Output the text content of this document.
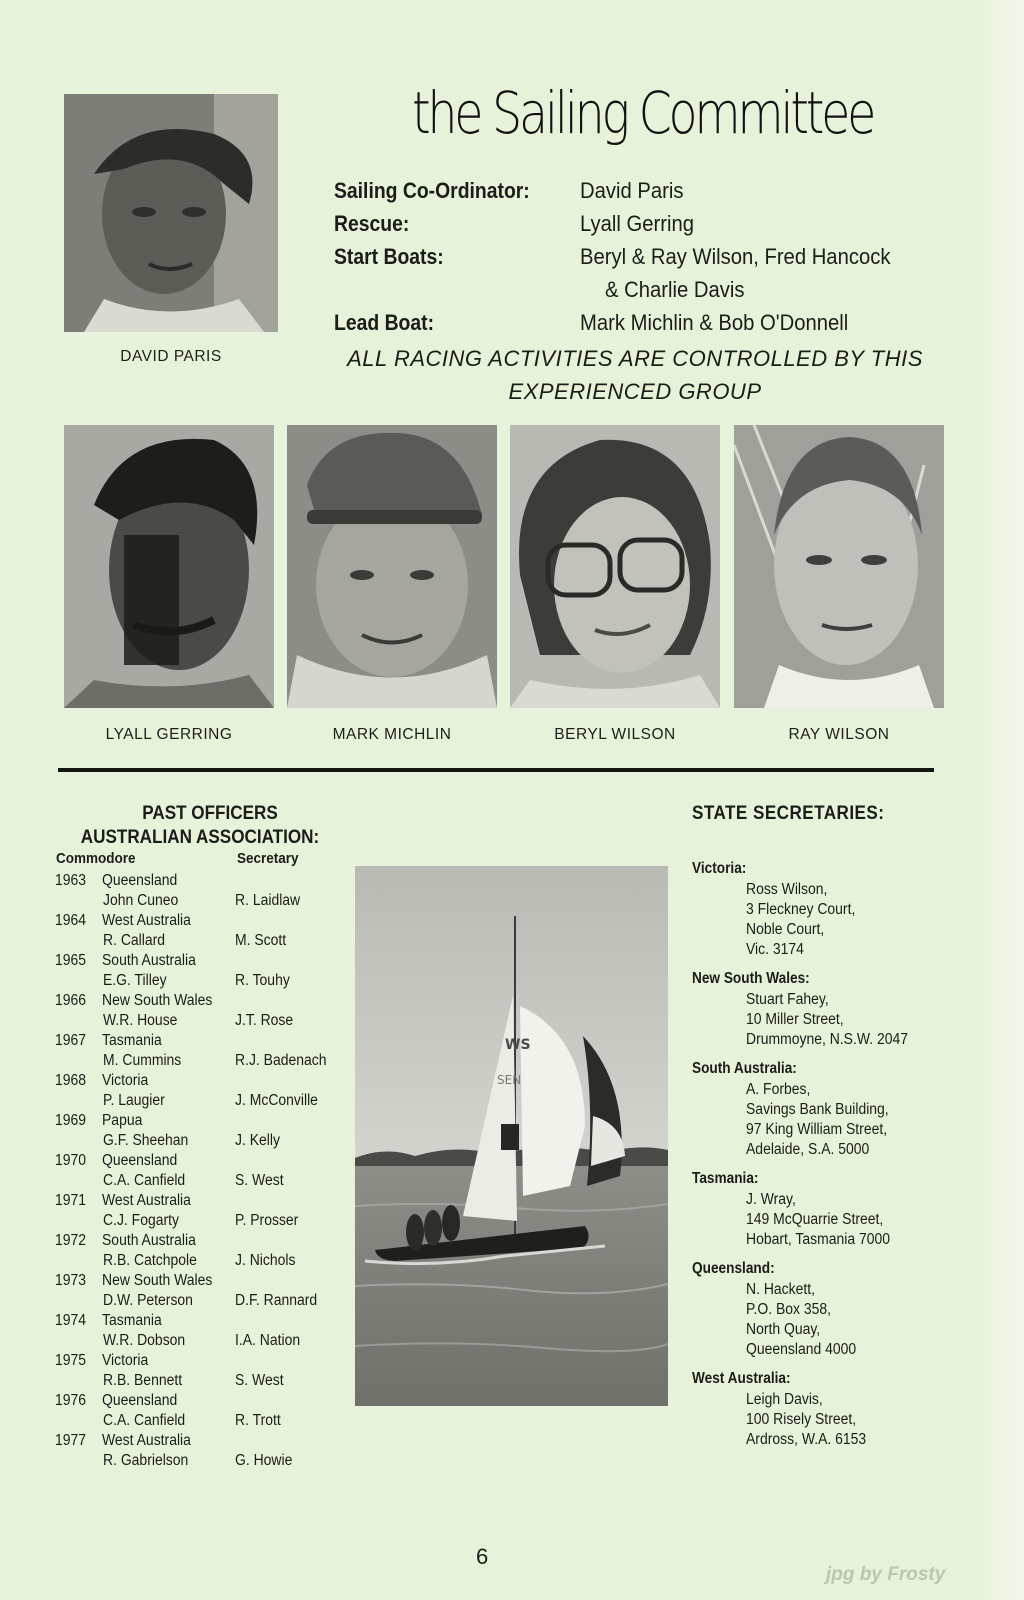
the Sailing Committee
DAVID PARIS
Sailing Co-Ordinator: David Paris
Rescue:	Lyall Gerring
Start Boats:	Beryl & Ray Wilson, Fred Hancock
& Charlie Davis
Lead Boat:	Mark Michlin & Bob O'Donnell
ALL RACING ACTIVITIES ARE CONTROLLED BY THIS
EXPERIENCED GROUP
LYALL GERRING	MARK MICHLIN	BERYL WILSON	RAY WILSON
PAST OFFICERS
AUSTRALIAN ASSOCIATION:
Commodore	Secretary
1963 Queensland
John Cuneo	R. Laidlaw
1964 West Australia
R. Callard	M. Scott
1965 South Australia
E.G. Tilley	R. Touhy
1966 New South Wales
W.R. House	J.T. Rose
1967 Tasmania
M. Cummins	R.J. Badenach
1968 Victoria
P. Laugier	J. McConville
1969 Papua
G.F. Sheehan	J. Kelly
1970 Queensland
C.A. Canfield	S. West
1971 West Australia
C.J. Fogarty	P. Prosser
1972 South Australia
R.B. Catchpole J. Nichols
1973 New South Wales
D.W. Peterson	D.F. Rannard
1974 Tasmania
W.R. Dobson	I.A. Nation
1975 Victoria
R.B. Bennett	S. West
1976 Queensland
C.A. Canfield	R. Trott
1977 West Australia
R. Gabrielson	G. Howie
WS
SEN
STATE SECRETARIES:
Victoria:
Ross Wilson,
3 Fleckney Court,
Noble Court,
Vic. 3174
New South Wales:
Stuart Fahey,
10 Miller Street,
Drummoyne, N.S.W. 2047
South Australia:
A. Forbes,
Savings Bank Building,
97 King William Street,
Adelaide, S.A. 5000
Tasmania:
J. Wray,
149 McQuarrie Street,
Hobart, Tasmania 7000
Queensland:
N. Hackett,
P.O. Box 358,
North Quay,
Queensland 4000
West Australia:
Leigh Davis,
100 Risely Street,
Ardross, W.A. 6153
6
jpg by Frosty
